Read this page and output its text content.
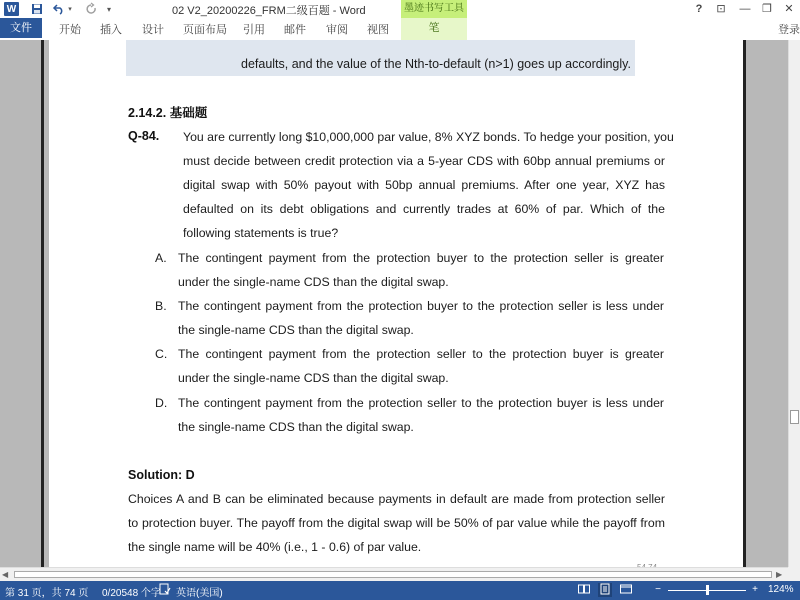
W	▾	▾	02 V2_20200226_FRM二级百题 - Word	墨迹书写工具	?	⊡	—	❐	✕
文件	开始 插入 设计 页面布局 引用 邮件 审阅 视图	笔	登录
defaults, and the value of the Nth-to-default (n>1) goes up accordingly.
2.14.2. 基础题
Q-84. You are currently long $10,000,000 par value, 8% XYZ bonds. To hedge your position, you
must decide between credit protection via a 5-year CDS with 60bp annual premiums or
digital swap with 50% payout with 50bp annual premiums. After one year, XYZ has
defaulted on its debt obligations and currently trades at 60% of par. Which of the
following statements is true?
A. The contingent payment from the protection buyer to the protection seller is greater
under the single-name CDS than the digital swap.
B. The contingent payment from the protection buyer to the protection seller is less under
the single-name CDS than the digital swap.
C. The contingent payment from the protection seller to the protection buyer is greater
under the single-name CDS than the digital swap.
D. The contingent payment from the protection seller to the protection buyer is less under
the single-name CDS than the digital swap.
Solution: D
Choices A and B can be eliminated because payments in default are made from protection seller
to protection buyer. The payoff from the digital swap will be 50% of par value while the payoff from
the single name will be 40% (i.e., 1 - 0.6) of par value.
◀	▶
第 31 页，共 74 页 0/20548 个字 英语(美国)	−	+	124%
